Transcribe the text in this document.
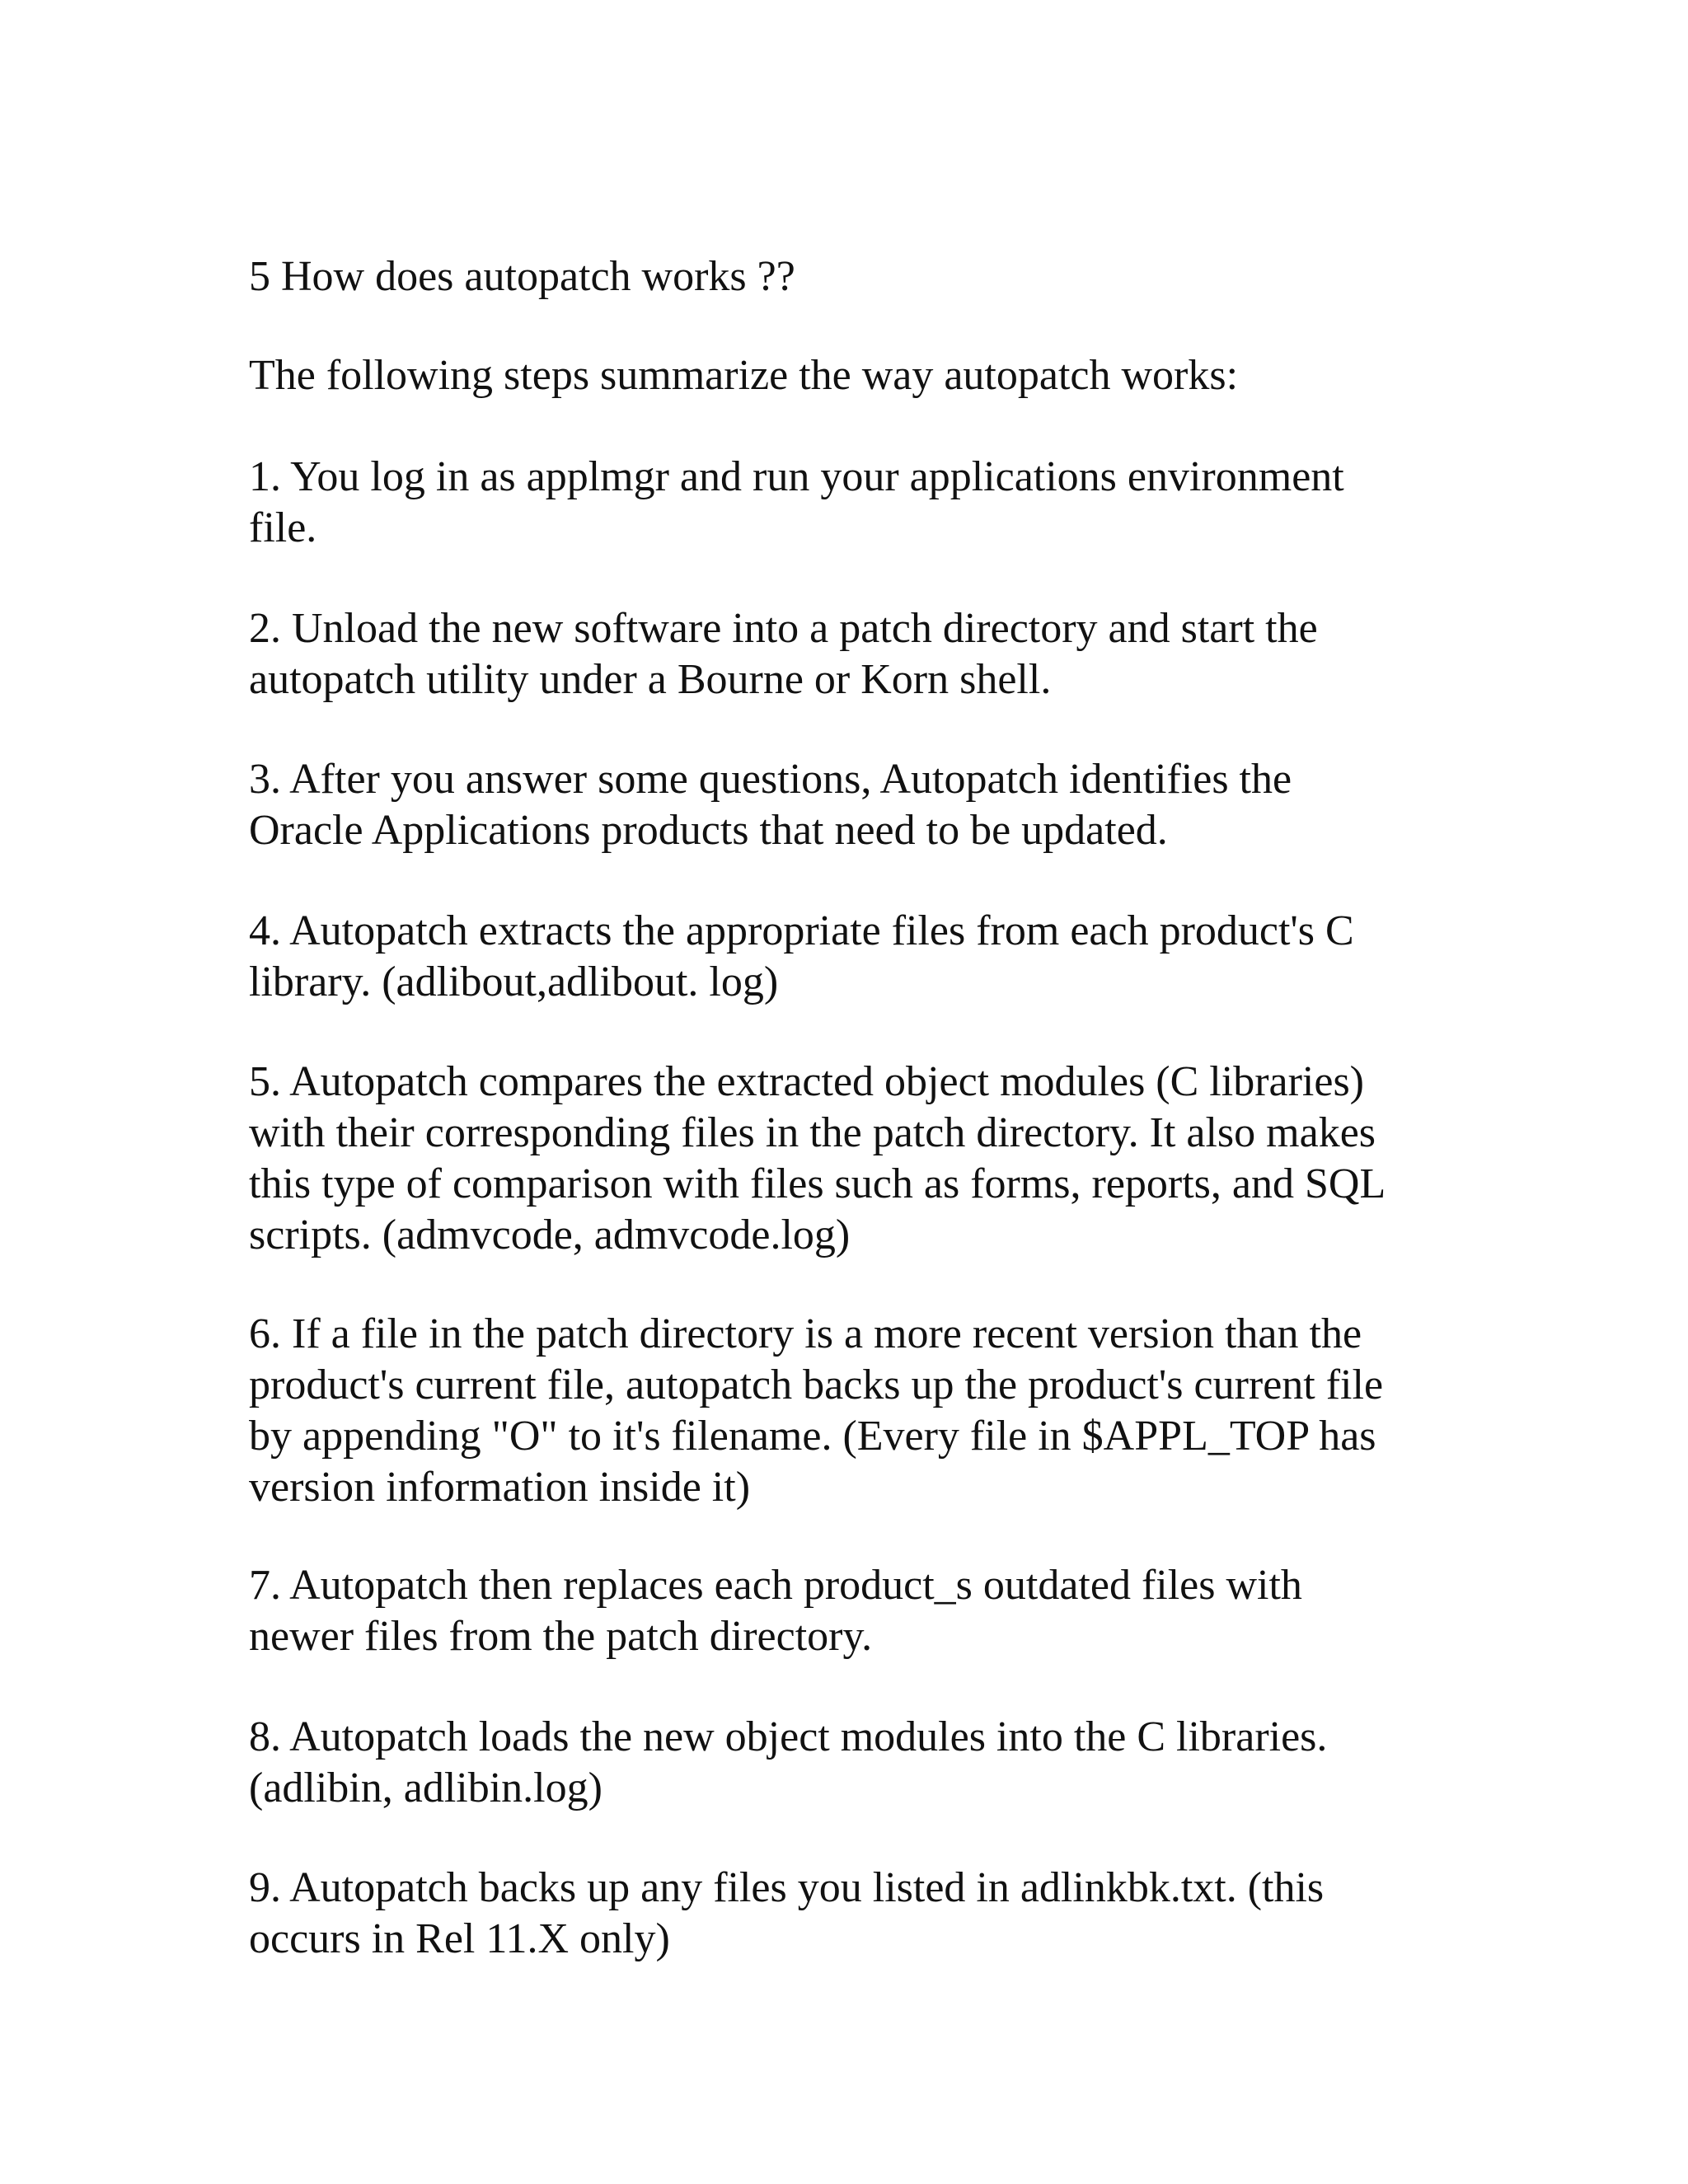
5 How does autopatch works ??

The following steps summarize the way autopatch works:

1. You log in as applmgr and run your applications environment
file.

2. Unload the new software into a patch directory and start the
autopatch utility under a Bourne or Korn shell.

3. After you answer some questions, Autopatch identifies the
Oracle Applications products that need to be updated.

4. Autopatch extracts the appropriate files from each product's C
library. (adlibout,adlibout. log)

5. Autopatch compares the extracted object modules (C libraries)
with their corresponding files in the patch directory. It also makes
this type of comparison with files such as forms, reports, and SQL
scripts. (admvcode, admvcode.log)

6. If a file in the patch directory is a more recent version than the
product's current file, autopatch backs up the product's current file
by appending "O" to it's filename. (Every file in $APPL_TOP has
version information inside it)

7. Autopatch then replaces each product_s outdated files with
newer files from the patch directory.

8. Autopatch loads the new object modules into the C libraries.
(adlibin, adlibin.log)

9. Autopatch backs up any files you listed in adlinkbk.txt. (this
occurs in Rel 11.X only)
